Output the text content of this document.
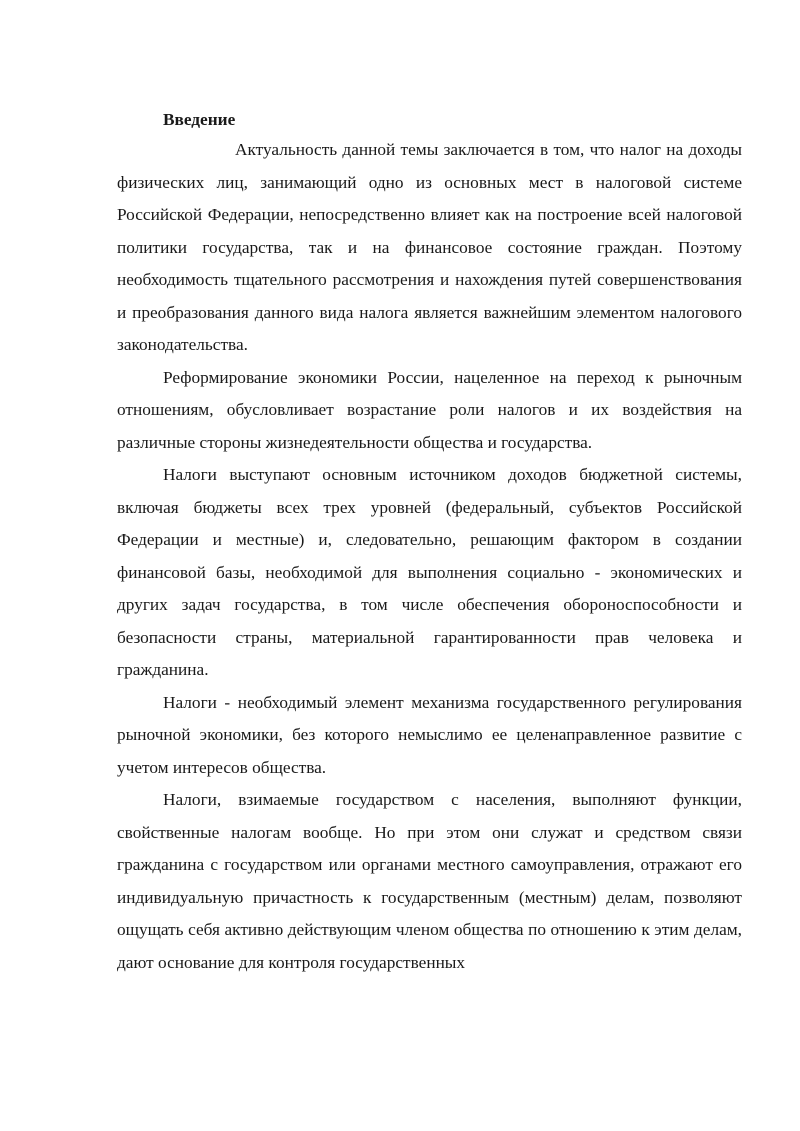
Введение

Актуальность данной темы заключается в том, что налог на доходы физических лиц, занимающий одно из основных мест в налоговой системе Российской Федерации, непосредственно влияет как на построение всей налоговой политики государства, так и на финансовое состояние граждан. Поэтому необходимость тщательного рассмотрения и нахождения путей совершенствования и преобразования данного вида налога является важнейшим элементом налогового законодательства.

Реформирование экономики России, нацеленное на переход к рыночным отношениям, обусловливает возрастание роли налогов и их воздействия на различные стороны жизнедеятельности общества и государства.

Налоги выступают основным источником доходов бюджетной системы, включая бюджеты всех трех уровней (федеральный, субъектов Российской Федерации и местные) и, следовательно, решающим фактором в создании финансовой базы, необходимой для выполнения социально - экономических и других задач государства, в том числе обеспечения обороноспособности и безопасности страны, материальной гарантированности прав человека и гражданина.

Налоги - необходимый элемент механизма государственного регулирования рыночной экономики, без которого немыслимо ее целенаправленное развитие с учетом интересов общества.

Налоги, взимаемые государством с населения, выполняют функции, свойственные налогам вообще. Но при этом они служат и средством связи гражданина с государством или органами местного самоуправления, отражают его индивидуальную причастность к государственным (местным) делам, позволяют ощущать себя активно действующим членом общества по отношению к этим делам, дают основание для контроля государственных
